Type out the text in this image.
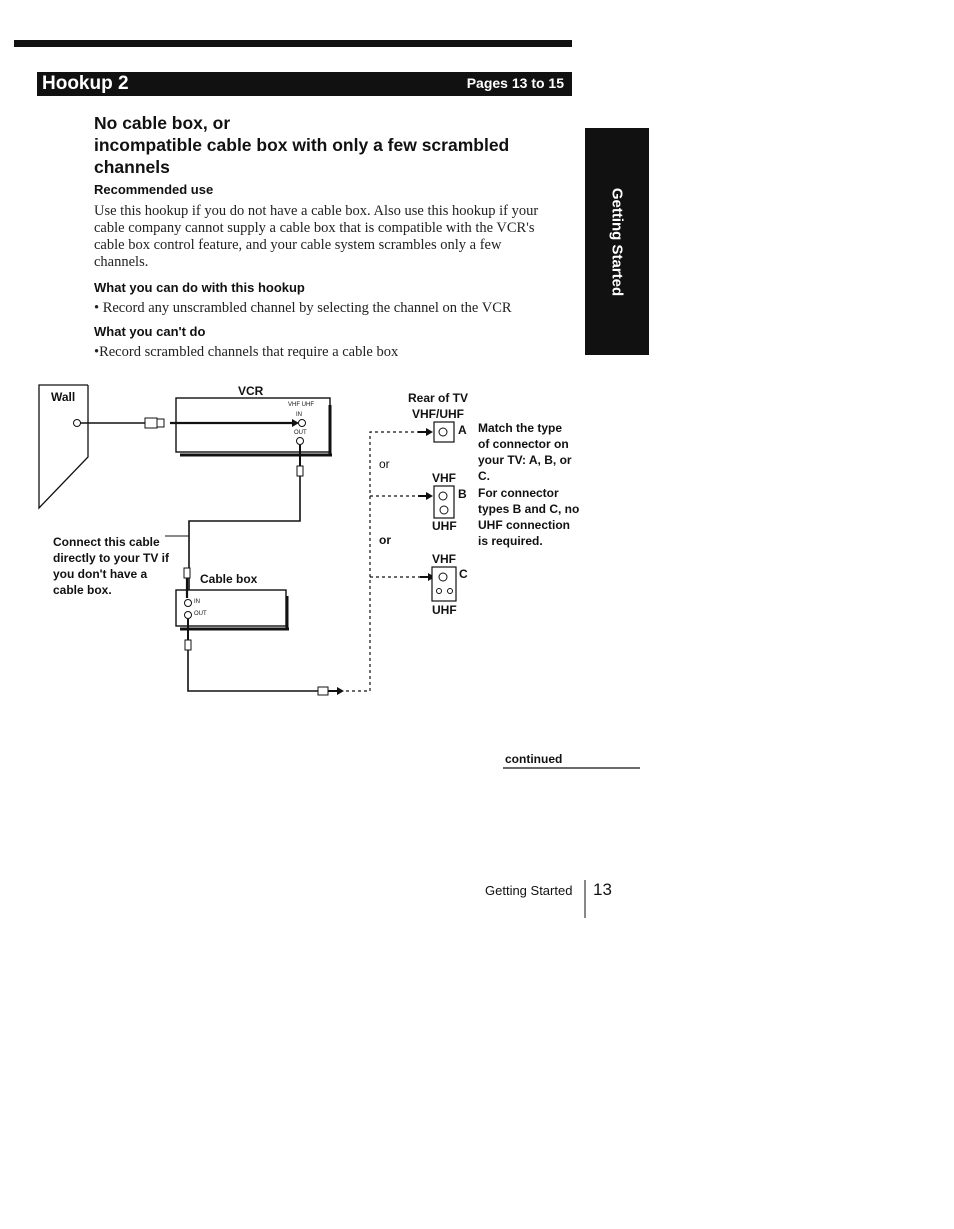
Hookup 2	Pages 13 to 15
No cable box, or
incompatible cable box with only a few scrambled
channels
Recommended use
Use this hookup if you do not have a cable box. Also use this hookup if your
cable company cannot supply a cable box that is compatible with the VCR's
cable box control feature, and your cable system scrambles only a few
channels.
What you can do with this hookup
• Record any unscrambled channel by selecting the channel on the VCR
What you can't do
•Record scrambled channels that require a cable box
Getting Started
Wall	VCR
VHF UHF
IN
OUT
Connect this cable
directly to your TV if
you don't have a
cable box.
Cable box
IN
OUT
Rear of TV
VHF/UHF
A
B
C
or
or
VHF
UHF
VHF
UHF
Match the type
of connector on
your TV: A, B, or
C.
For connector
types B and C, no
UHF connection
is required.
continued
Getting Started 13
